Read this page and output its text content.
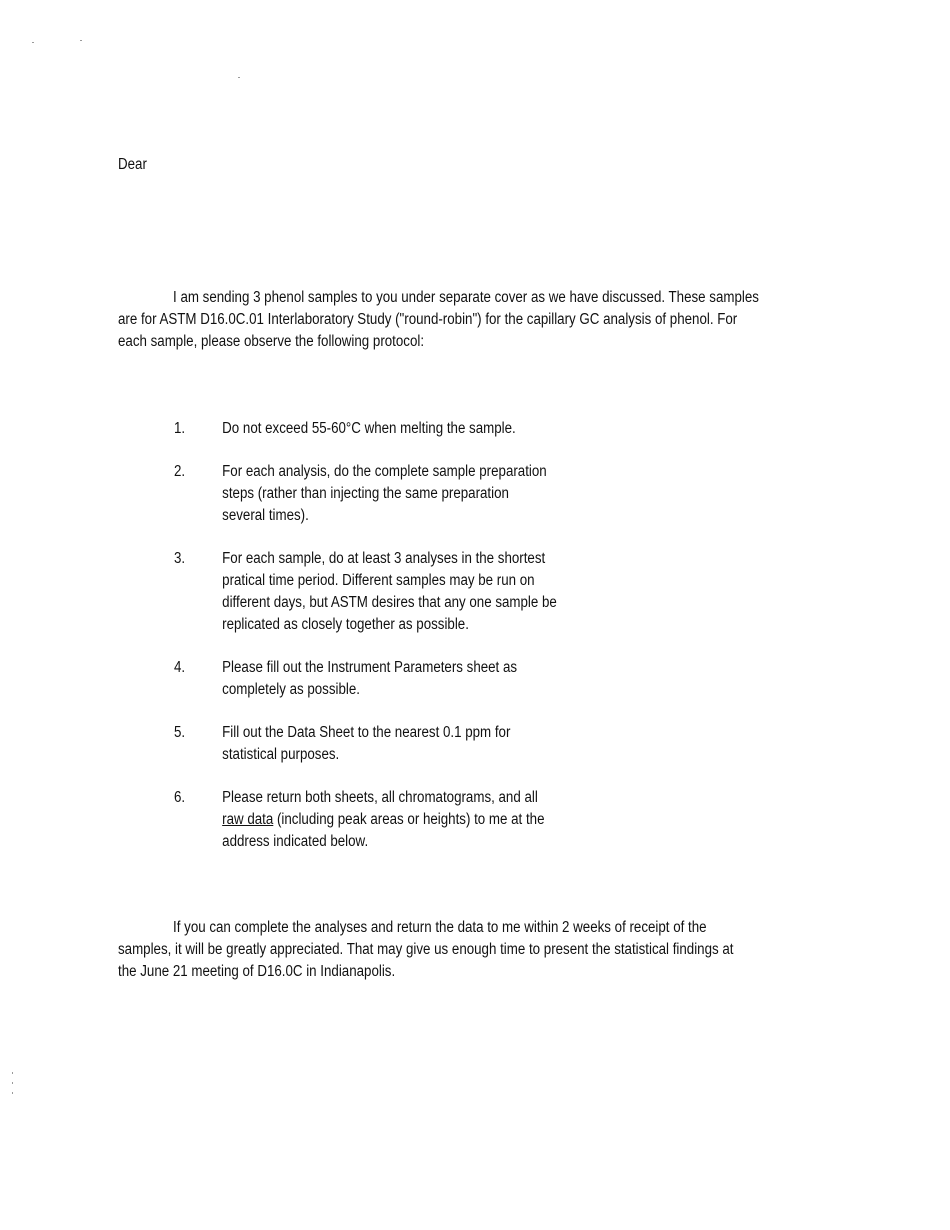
Dear
I am sending 3 phenol samples to you under separate cover as we have discussed. These samples
are for ASTM D16.0C.01 Interlaboratory Study ("round-robin") for the capillary GC analysis of phenol. For
each sample, please observe the following protocol:
1. Do not exceed 55-60°C when melting the sample.
2. For each analysis, do the complete sample preparation
steps (rather than injecting the same preparation
several times).
3. For each sample, do at least 3 analyses in the shortest
pratical time period. Different samples may be run on
different days, but ASTM desires that any one sample be
replicated as closely together as possible.
4. Please fill out the Instrument Parameters sheet as
completely as possible.
5. Fill out the Data Sheet to the nearest 0.1 ppm for
statistical purposes.
6. Please return both sheets, all chromatograms, and all
raw data (including peak areas or heights) to me at the
address indicated below.
If you can complete the analyses and return the data to me within 2 weeks of receipt of the
samples, it will be greatly appreciated. That may give us enough time to present the statistical findings at
the June 21 meeting of D16.0C in Indianapolis.
